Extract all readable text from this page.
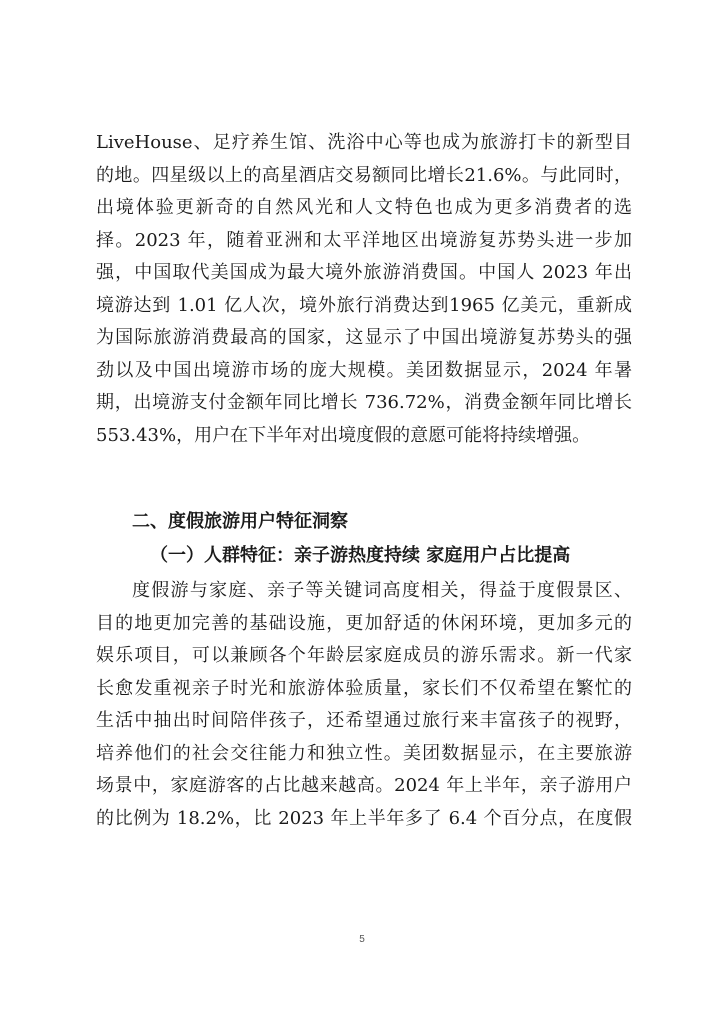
LiveHouse、足疗养生馆、洗浴中心等也成为旅游打卡的新型目

的地。四星级以上的高星酒店交易额同比增长21.6%。与此同时，

出境体验更新奇的自然风光和人文特色也成为更多消费者的选

择。2023 年，随着亚洲和太平洋地区出境游复苏势头进一步加

强，中国取代美国成为最大境外旅游消费国。中国人 2023 年出

境游达到 1.01 亿人次，境外旅行消费达到1965 亿美元，重新成

为国际旅游消费最高的国家，这显示了中国出境游复苏势头的强

劲以及中国出境游市场的庞大规模。美团数据显示，2024 年暑

期，出境游支付金额年同比增长 736.72%，消费金额年同比增长

553.43%，用户在下半年对出境度假的意愿可能将持续增强。

二、度假旅游用户特征洞察
（一）人群特征：亲子游热度持续 家庭用户占比提高

度假游与家庭、亲子等关键词高度相关，得益于度假景区、

目的地更加完善的基础设施，更加舒适的休闲环境，更加多元的

娱乐项目，可以兼顾各个年龄层家庭成员的游乐需求。新一代家

长愈发重视亲子时光和旅游体验质量，家长们不仅希望在繁忙的

生活中抽出时间陪伴孩子，还希望通过旅行来丰富孩子的视野，

培养他们的社会交往能力和独立性。美团数据显示，在主要旅游

场景中，家庭游客的占比越来越高。2024 年上半年，亲子游用户

的比例为 18.2%，比 2023 年上半年多了 6.4 个百分点，在度假

5
